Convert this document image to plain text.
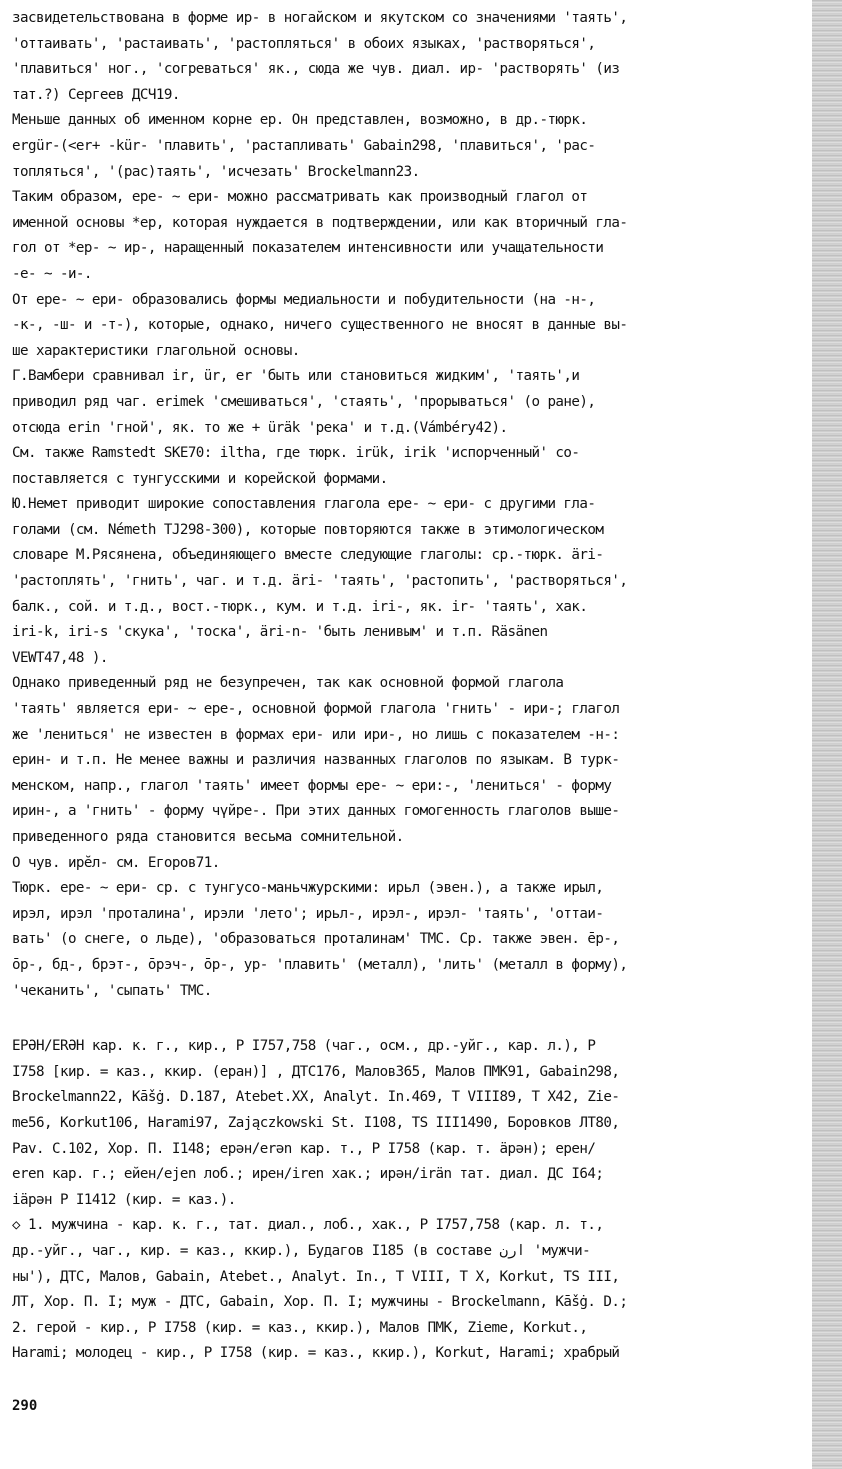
засвидетельствована в форме ир- в ногайском и якутском со значениями 'таять',
'оттаивать', 'растаивать', 'растопляться' в обоих языках, 'растворяться',
'плавиться' ног., 'согреваться' як., сюда же чув. диал. ир- 'растворять' (из
тат.?) Сергеев ДСЧ19.
Меньше данных об именном корне ер. Он представлен, возможно, в др.-тюрк.
ergür-(<er+ -kür- 'плавить', 'растапливать' Gabain298, 'плавиться', 'рас-
топляться', '(рас)таять', 'исчезать' Brockelmann23.
Таким образом, ере- ~ ери- можно рассматривать как производный глагол от
именной основы *ер, которая нуждается в подтверждении, или как вторичный гла-
гол от *ер- ~ ир-, наращенный показателем интенсивности или учащательности
-е- ~ -и-.
От ере- ~ ери- образовались формы медиальности и побудительности (на -н-,
-к-, -ш- и -т-), которые, однако, ничего существенного не вносят в данные вы-
ше характеристики глагольной основы.
Г.Вамбери сравнивал ir, ür, er 'быть или становиться жидким', 'таять',и
приводил ряд чаг. erimek 'смешиваться', 'стаять', 'прорываться' (о ране),
отсюда erin 'гной', як. то же + üräk 'река' и т.д.(Vámbéry42).
См. также Ramstedt SKE70: iltha, где тюрк. irük, irik 'испорченный' со-
поставляется с тунгусскими и корейской формами.
Ю.Немет приводит широкие сопоставления глагола ере- ~ ери- с другими гла-
голами (см. Németh TJ298-300), которые повторяются также в этимологическом
словаре М.Рясянена, объединяющего вместе следующие глаголы: ср.-тюрк. äri-
'растоплять', 'гнить', чаг. и т.д. äri- 'таять', 'растопить', 'растворяться',
балк., сой. и т.д., вост.-тюрк., кум. и т.д. iri-, як. ir- 'таять', хак.
iri-k, iri-s 'скука', 'тоска', äri-n- 'быть ленивым' и т.п. Räsänen
VEWT47,48 ).
Однако приведенный ряд не безупречен, так как основной формой глагола
'таять' является ери- ~ ере-, основной формой глагола 'гнить' - ири-; глагол
же 'лениться' не известен в формах ери- или ири-, но лишь с показателем -н-:
ерин- и т.п. Не менее важны и различия названных глаголов по языкам. В турк-
менском, напр., глагол 'таять' имеет формы ере- ~ ери:-, 'лениться' - форму
ирин-, а 'гнить' - форму чүйре-. При этих данных гомогенность глаголов выше-
приведенного ряда становится весьма сомнительной.
О чув. ирĕл- см. Егоров71.
Тюрк. ере- ~ ери- ср. с тунгусо-маньчжурскими: ирьл (эвен.), а также ирыл,
ирэл, ирэл 'проталина', ирэли 'лето'; ирьл-, ирэл-, ирэл- 'таять', 'оттаи-
вать' (о снеге, о льде), 'образоваться проталинам' ТМС. Ср. также эвен. ēр-,
ōр-, бд-, брэт-, ōрэч-, ōр-, ур- 'плавить' (металл), 'лить' (металл в форму),
'чеканить', 'сыпать' ТМС.
ЕРӘН/ЕRӘН кар. к. г., кир., Р I757,758 (чаг., осм., др.-уйг., кар. л.), Р
I758 [кир. = каз., ккир. (еран)] , ДТС176, Малов365, Малов ПМК91, Gabain298,
Brockelmann22, Kāšġ. D.187, Atebet.XX, Analyt. In.469, T VIII89, T X42, Zie-
me56, Korkut106, Harami97, Zajączkowski St. I108, TS III1490, Боровков ЛТ80,
Pav. C.102, Хор. П. I148; ерән/erən кар. т., Р I758 (кар. т. äрән); ерен/
eren кар. г.; ейен/ejen лоб.; ирен/iren хак.; ирән/irän тат. диал. ДС I64;
іäрән Р I1412 (кир. = каз.).
◇ 1. мужчина - кар. к. г., тат. диал., лоб., хак., Р I757,758 (кар. л. т.,
др.-уйг., чаг., кир. = каз., ккир.), Будагов I185 (в составе ارن 'мужчи-
ны'), ДТС, Малов, Gabain, Atebet., Analyt. In., T VIII, T X, Korkut, TS III,
ЛТ, Хор. П. I; муж - ДТС, Gabain, Хор. П. I; мужчины - Brockelmann, Kāšġ. D.;
2. герой - кир., Р I758 (кир. = каз., ккир.), Малов ПМК, Zieme, Korkut.,
Harami; молодец - кир., Р I758 (кир. = каз., ккир.), Korkut, Harami; храбрый
290
